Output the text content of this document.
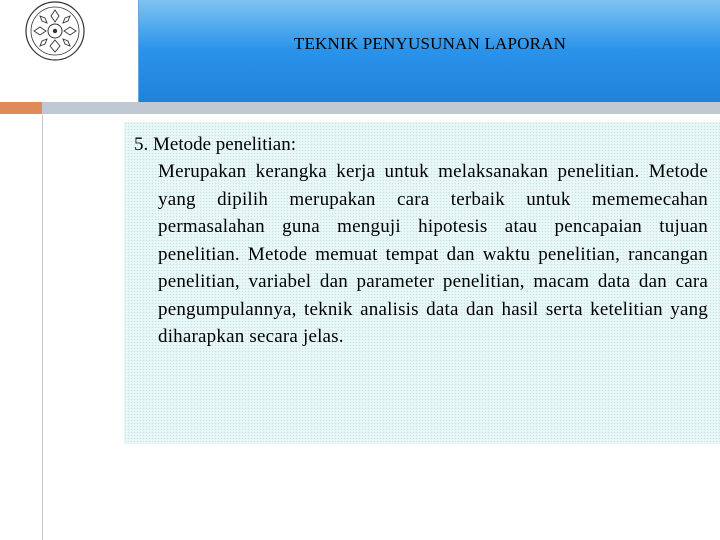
TEKNIK PENYUSUNAN LAPORAN

5. Metode penelitian:

Merupakan kerangka kerja untuk melaksanakan penelitian. Metode yang dipilih merupakan cara terbaik untuk mememecahan permasalahan guna menguji hipotesis atau pencapaian tujuan penelitian. Metode memuat tempat dan waktu penelitian, rancangan penelitian, variabel dan parameter penelitian, macam data dan cara pengumpulannya, teknik analisis data dan hasil serta ketelitian yang diharapkan secara jelas.
